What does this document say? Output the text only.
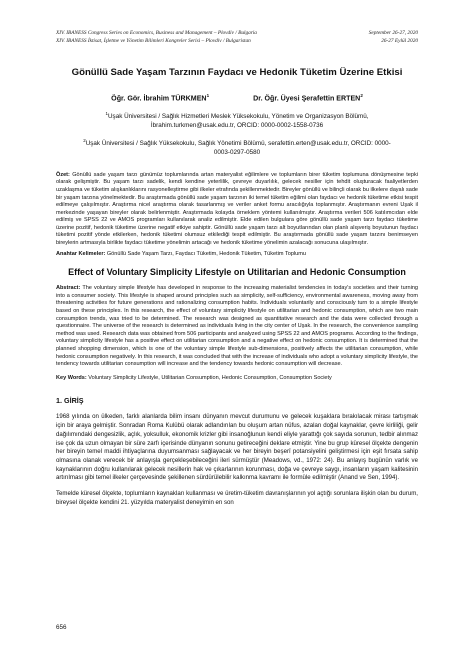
XIV. IBANESS Congress Series on Economics, Business and Management – Plovdiv / Bulgaria
XIV. IBANESS İktisat, İşletme ve Yönetim Bilimleri Kongreler Serisi – Plovdiv / Bulgaristan
September 26-27, 2020
26-27 Eylül 2020
Gönüllü Sade Yaşam Tarzının Faydacı ve Hedonik Tüketim Üzerine Etkisi
Öğr. Gör. İbrahim TÜRKMEN$^1$	Dr. Öğr. Üyesi Şerafettin ERTEN$^2$
$^1$Uşak Üniversitesi / Sağlık Hizmetleri Meslek Yüksekokulu, Yönetim ve Organizasyon Bölümü,
İbrahim.turkmen@usak.edu.tr, ORCID: 0000-0002-1558-0736
$^2$Uşak Üniversitesi / Sağlık Yüksekokulu, Sağlık Yönetimi Bölümü, serafettin.erten@usak.edu.tr, ORCID: 0000-
0003-0297-0580
Özet: Gönüllü sade yaşam tarzı günümüz toplumlarında artan materyalist eğilimlere ve toplumların birer tüketim toplumuna dönüşmesine tepki olarak gelişmiştir. Bu yaşam tarzı sadelik, kendi kendine yeterlilik, çevreye duyarlılık, gelecek nesiller için tehdit oluşturacak faaliyetlerden uzaklaşma ve tüketim alışkanlıklarını rasyonelleştirme gibi ilkeler etrafında şekillenmektedir. Bireyler gönüllü ve bilinçli olarak bu ilkelere dayalı sade bir yaşam tarzına yönelmektedir. Bu araştırmada gönüllü sade yaşam tarzının iki temel tüketim eğilimi olan faydacı ve hedonik tüketime etkisi tespit edilmeye çalışılmıştır. Araştırma nicel araştırma olarak tasarlanmış ve veriler anket formu aracılığıyla toplanmıştır. Araştırmanın evreni Uşak il merkezinde yaşayan bireyler olarak belirlenmiştir. Araştırmada kolayda örneklem yöntemi kullanılmıştır. Araştırma verileri 506 katılımcıdan elde edilmiş ve SPSS 22 ve AMOS programları kullanılarak analiz edilmiştir. Elde edilen bulgulara göre gönüllü sade yaşam tarzı faydacı tüketime üzerine pozitif, hedonik tüketime üzerine negatif etkiye sahiptir. Gönüllü sade yaşam tarzı alt boyutlarından olan planlı alışveriş boyutunun faydacı tüketimi pozitif yönde etkilerken, hedonik tüketimi olumsuz etkilediği tespit edilmiştir. Bu araştırmada gönüllü sade yaşam tarzını benimseyen bireylerin artmasıyla birlikte faydacı tüketime yönelimin artacağı ve hedonik tüketime yönelimin azalacağı sonucuna ulaşılmıştır.
Anahtar Kelimeler: Gönüllü Sade Yaşam Tarzı, Faydacı Tüketim, Hedonik Tüketim, Tüketim Toplumu
Effect of Voluntary Simplicity Lifestyle on Utilitarian and Hedonic Consumption
Abstract: The voluntary simple lifestyle has developed in response to the increasing materialist tendencies in today's societies and their turning into a consumer society. This lifestyle is shaped around principles such as simplicity, self-sufficiency, environmental awareness, moving away from threatening activities for future generations and rationalizing consumption habits. Individuals voluntarily and consciously turn to a simple lifestyle based on these principles. In this research, the effect of voluntary simplicity lifestyle on utilitarian and hedonic consumption, which are two main consumption trends, was tried to be determined. The research was designed as quantitative research and the data were collected through a questionnaire. The universe of the research is determined as individuals living in the city center of Uşak. In the research, the convenience sampling method was used. Research data was obtained from 506 participants and analyzed using SPSS 22 and AMOS programs. According to the findings, voluntary simplicity lifestyle has a positive effect on utilitarian consumption and a negative effect on hedonic consumption. It is determined that the planned shopping dimension, which is one of the voluntary simple lifestyle sub-dimensions, positively affects the utilitarian consumption, while hedonic consumption negatively. In this research, it was concluded that with the increase of individuals who adopt a voluntary simplicity lifestyle, the tendency towards utilitarian consumption will increase and the tendency towards hedonic consumption will decrease.
Key Words: Voluntary Simplicity Lifestyle, Utilitarian Consumption, Hedonic Consumption, Consumption Society
1. GİRİŞ
1968 yılında on ülkeden, farklı alanlarda bilim insanı dünyanın mevcut durumunu ve gelecek kuşaklara bırakılacak mirası tartışmak için bir araya gelmiştir. Sonradan Roma Kulübü olarak adlandırılan bu oluşum artan nüfus, azalan doğal kaynaklar, çevre kirliliği, gelir dağılımındaki dengesizlik, açlık, yoksulluk, ekonomik krizler gibi insanoğlunun kendi eliyle yarattığı çok sayıda sorunun, tedbir alınmaz ise çok da uzun olmayan bir süre zarfı içerisinde dünyanın sonunu getireceğini deklare etmiştir. Yine bu grup küresel ölçekte dengenin her bireyin temel maddi ihtiyaçlarına duyumsanması sağlayacak ve her bireyin beşerî potansiyelini geliştirmesi için eşit fırsata sahip olmasına olanak verecek bir anlayışla gerçekleşebileceğini ileri sürmüştür (Meadows, vd., 1972: 24). Bu anlayış bugünün varlık ve kaynaklarının doğru kullanılarak gelecek nesillerin hak ve çıkarlarının korunması, doğa ve çevreye saygı, insanların yaşam kalitesinin artırılması gibi temel ilkeler çerçevesinde şekillenen sürdürülebilir kalkınma kavramı ile formüle edilmiştir (Anand ve Sen, 1994).
Temelde küresel ölçekte, toplumların kaynakları kullanması ve üretim-tüketim davranışlarının yol açtığı sorunlara ilişkin olan bu durum, bireysel ölçekte kendini 21. yüzyılda materyalist deneyimin en son
656
